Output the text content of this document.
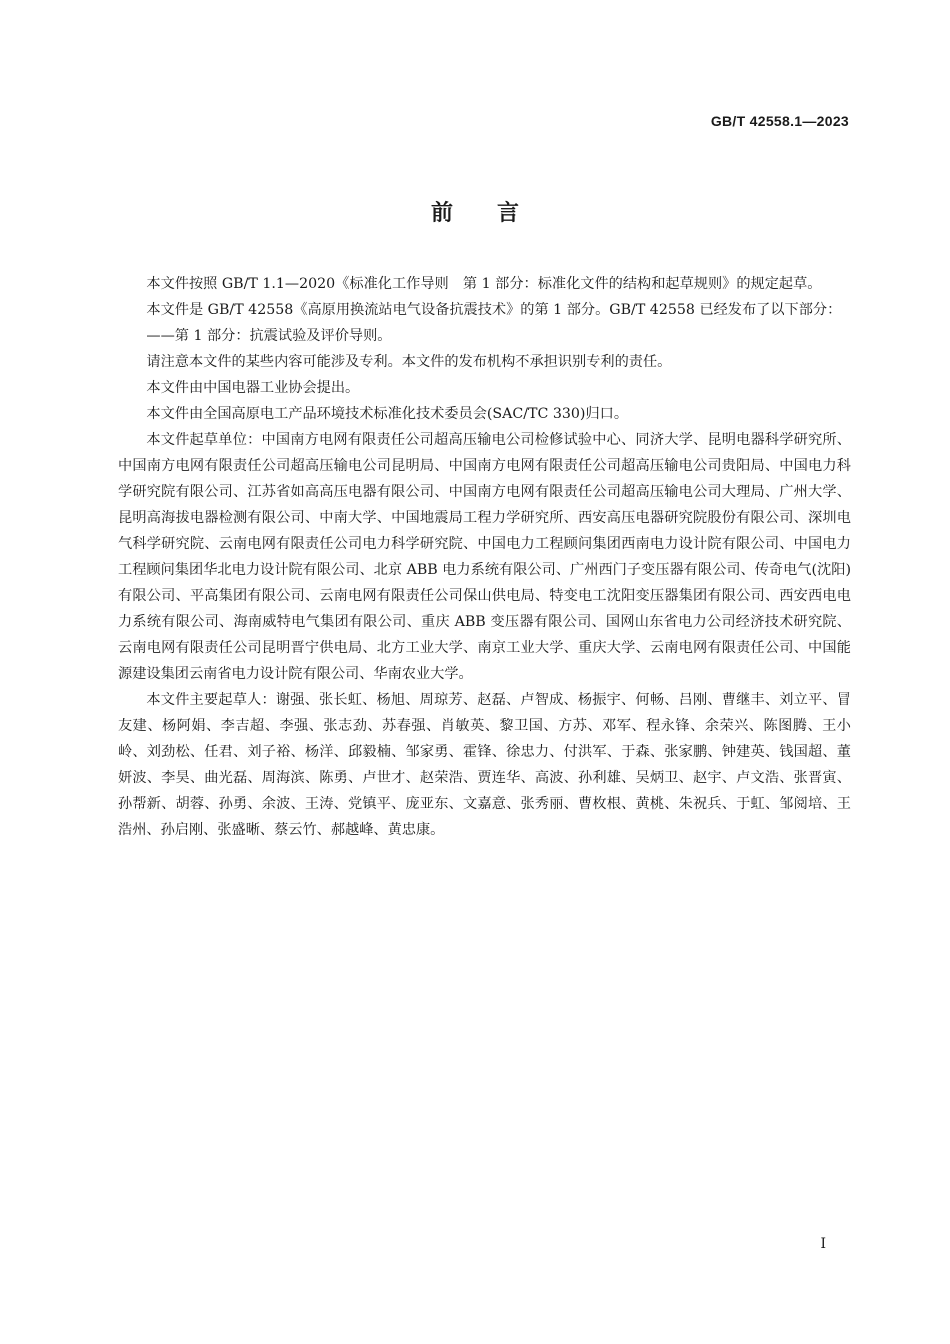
GB/T 42558.1—2023
前 言

本文件按照 GB/T 1.1—2020《标准化工作导则　第 1 部分：标准化文件的结构和起草规则》的规定起草。

本文件是 GB/T 42558《高原用换流站电气设备抗震技术》的第 1 部分。GB/T 42558 已经发布了以下部分：

——第 1 部分：抗震试验及评价导则。

请注意本文件的某些内容可能涉及专利。本文件的发布机构不承担识别专利的责任。

本文件由中国电器工业协会提出。

本文件由全国高原电工产品环境技术标准化技术委员会(SAC/TC 330)归口。

本文件起草单位：中国南方电网有限责任公司超高压输电公司检修试验中心、同济大学、昆明电器科学研究所、中国南方电网有限责任公司超高压输电公司昆明局、中国南方电网有限责任公司超高压输电公司贵阳局、中国电力科学研究院有限公司、江苏省如高高压电器有限公司、中国南方电网有限责任公司超高压输电公司大理局、广州大学、昆明高海拔电器检测有限公司、中南大学、中国地震局工程力学研究所、西安高压电器研究院股份有限公司、深圳电气科学研究院、云南电网有限责任公司电力科学研究院、中国电力工程顾问集团西南电力设计院有限公司、中国电力工程顾问集团华北电力设计院有限公司、北京 ABB 电力系统有限公司、广州西门子变压器有限公司、传奇电气(沈阳)有限公司、平高集团有限公司、云南电网有限责任公司保山供电局、特变电工沈阳变压器集团有限公司、西安西电电力系统有限公司、海南威特电气集团有限公司、重庆 ABB 变压器有限公司、国网山东省电力公司经济技术研究院、云南电网有限责任公司昆明晋宁供电局、北方工业大学、南京工业大学、重庆大学、云南电网有限责任公司、中国能源建设集团云南省电力设计院有限公司、华南农业大学。

本文件主要起草人：谢强、张长虹、杨旭、周琼芳、赵磊、卢智成、杨振宇、何畅、吕刚、曹继丰、刘立平、冒友建、杨阿娟、李吉超、李强、张志劲、苏春强、肖敏英、黎卫国、方苏、邓军、程永锋、余荣兴、陈图腾、王小岭、刘劲松、任君、刘子裕、杨洋、邱毅楠、邹家勇、霍锋、徐忠力、付洪军、于森、张家鹏、钟建英、钱国超、董妍波、李昊、曲光磊、周海滨、陈勇、卢世才、赵荣浩、贾连华、高波、孙利雄、吴炳卫、赵宇、卢文浩、张晋寅、孙帮新、胡蓉、孙勇、余波、王涛、党镇平、庞亚东、文嘉意、张秀丽、曹枚根、黄桃、朱祝兵、于虹、邹阅培、王浩州、孙启刚、张盛晰、蔡云竹、郝越峰、黄忠康。

I
